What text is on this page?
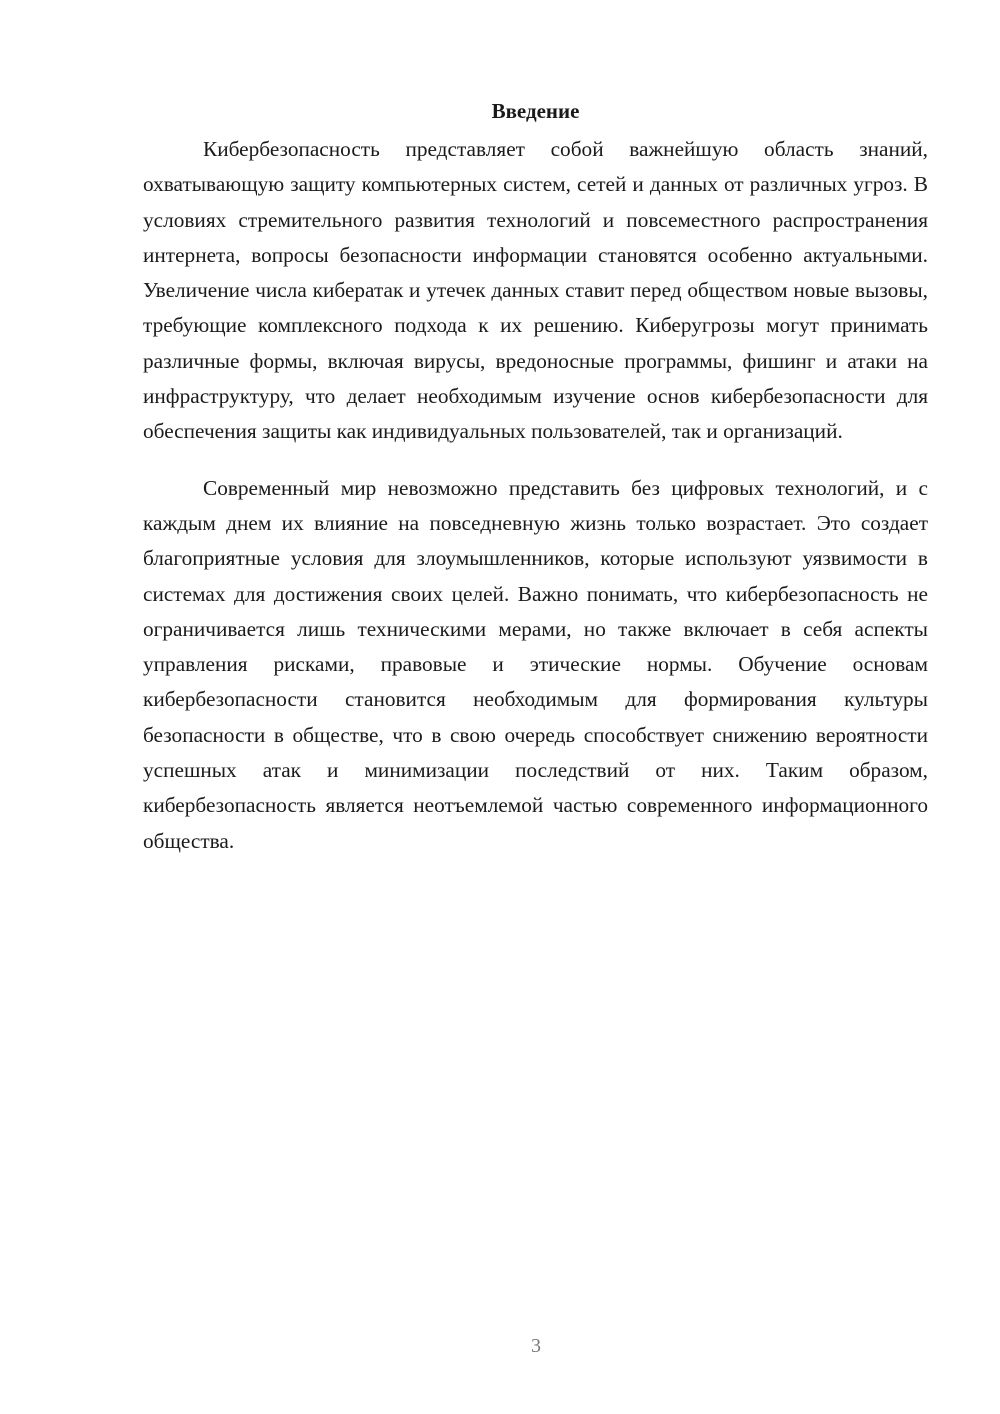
Введение

Кибербезопасность представляет собой важнейшую область знаний, охватывающую защиту компьютерных систем, сетей и данных от различных угроз. В условиях стремительного развития технологий и повсеместного распространения интернета, вопросы безопасности информации становятся особенно актуальными. Увеличение числа кибератак и утечек данных ставит перед обществом новые вызовы, требующие комплексного подхода к их решению. Киберугрозы могут принимать различные формы, включая вирусы, вредоносные программы, фишинг и атаки на инфраструктуру, что делает необходимым изучение основ кибербезопасности для обеспечения защиты как индивидуальных пользователей, так и организаций.

Современный мир невозможно представить без цифровых технологий, и с каждым днем их влияние на повседневную жизнь только возрастает. Это создает благоприятные условия для злоумышленников, которые используют уязвимости в системах для достижения своих целей. Важно понимать, что кибербезопасность не ограничивается лишь техническими мерами, но также включает в себя аспекты управления рисками, правовые и этические нормы. Обучение основам кибербезопасности становится необходимым для формирования культуры безопасности в обществе, что в свою очередь способствует снижению вероятности успешных атак и минимизации последствий от них. Таким образом, кибербезопасность является неотъемлемой частью современного информационного общества.

3
